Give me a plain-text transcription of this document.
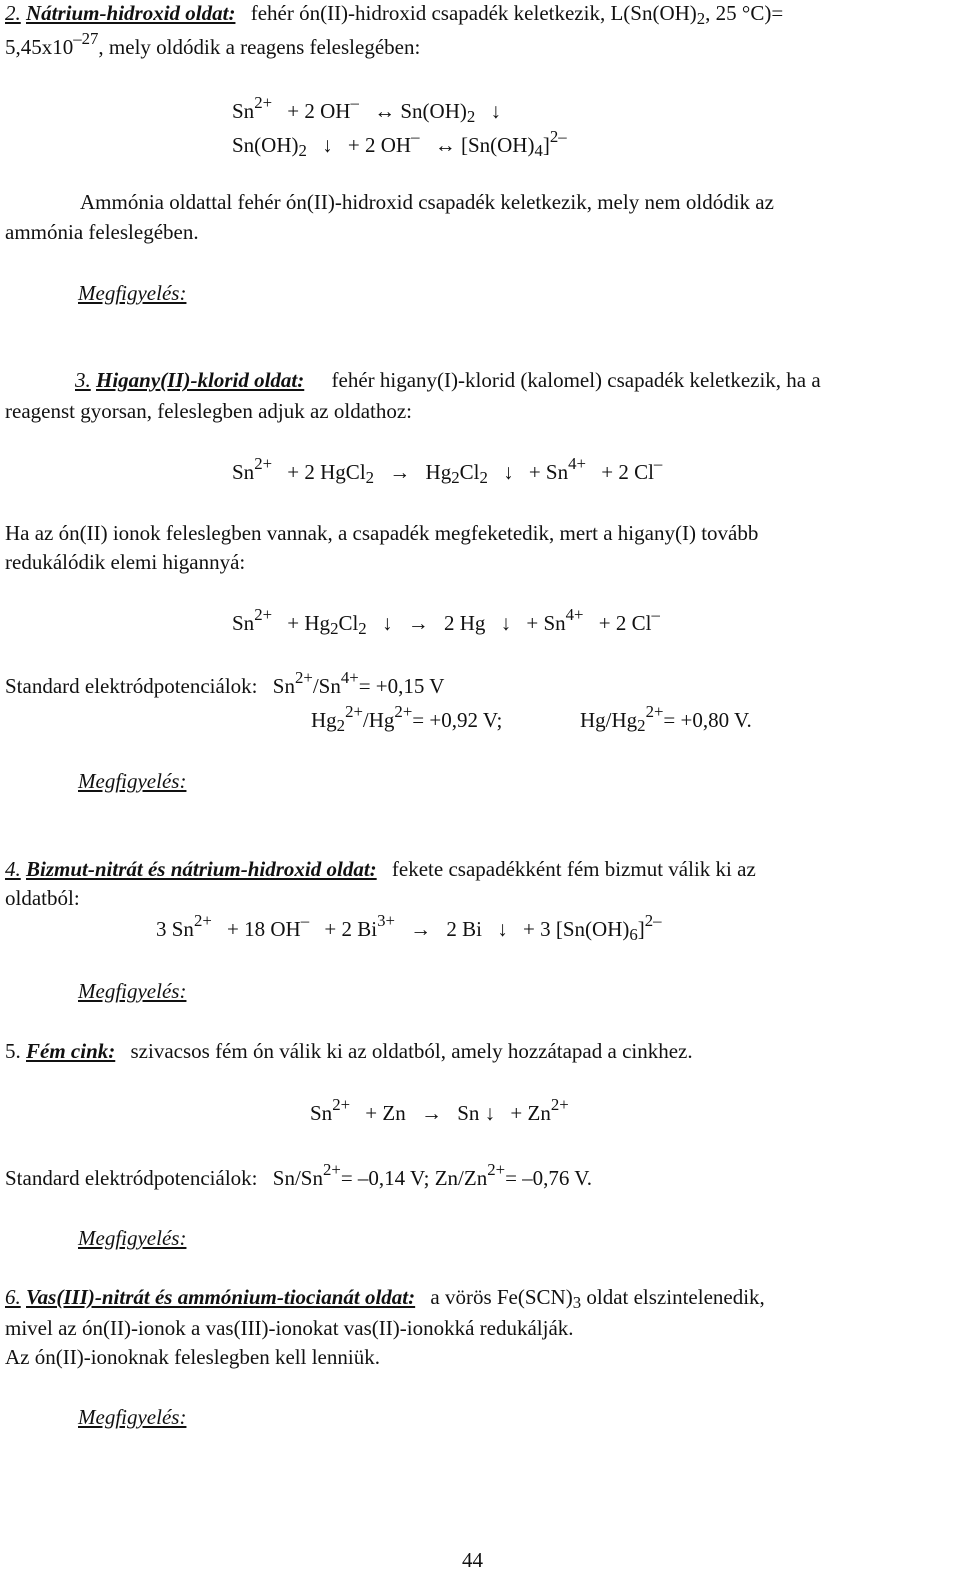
2. Nátrium-hidroxid oldat: fehér ón(II)-hidroxid csapadék keletkezik, $L(Sn(OH)_2$, 25 °C)=
$5,45x10^{-27}$, mely oldódik a reagens feleslegében:
$Sn^{2+} + 2$ OH– ↔ $Sn(OH)_2$ ↓
$Sn(OH)_2$ ↓ + 2 OH– ↔ $[Sn(OH)_4]^{2-}$
Ammónia oldattal fehér ón(II)-hidroxid csapadék keletkezik, mely nem oldódik az
ammónia feleslegében.
Megfigyelés:
3. Higany(II)-klorid oldat: fehér higany(I)-klorid (kalomel) csapadék keletkezik, ha a
reagenst gyorsan, feleslegben adjuk az oldathoz:
$Sn^{2+} + 2$ HgCl$_2$ → $Hg_2Cl_2$ ↓ + $Sn^{4+} + 2$ Cl–
Ha az ón(II) ionok feleslegben vannak, a csapadék megfeketedik, mert a higany(I) tovább
redukálódik elemi higannyá:
$Sn^{2+} + Hg_2Cl_2$ ↓ → 2 Hg ↓ + $Sn^{4+} + 2$ Cl–
Standard elektródpotenciálok: $Sn^{2+}/Sn^{4+}= +0,15$ V
$Hg_2^{2+}/Hg^{2+}= +0,92$ V;	$Hg/Hg_2^{2+}= +0,80$ V.
Megfigyelés:
4. Bizmut-nitrát és nátrium-hidroxid oldat: fekete csapadékként fém bizmut válik ki az
oldatból:
3 $Sn^{2+} + 18$ OH– + 2 $Bi^{3+} \to 2$ Bi ↓ + 3 $[Sn(OH)_6]^{2-}$
Megfigyelés:
5. Fém cink: szivacsos fém ón válik ki az oldatból, amely hozzátapad a cinkhez.
$Sn^{2+} + Zn \to Sn$ ↓ + $Zn^{2+}$
Standard elektródpotenciálok: $Sn/Sn^{2+}= -0,14$ V; $Zn/Zn^{2+}= -0,76$ V.
Megfigyelés:
6. Vas(III)-nitrát és ammónium-tiocianát oldat: a vörös $Fe(SCN)_3$ oldat elszintelenedik,
mivel az ón(II)-ionok a vas(III)-ionokat vas(II)-ionokká redukálják.
Az ón(II)-ionoknak feleslegben kell lenniük.
Megfigyelés:
44
